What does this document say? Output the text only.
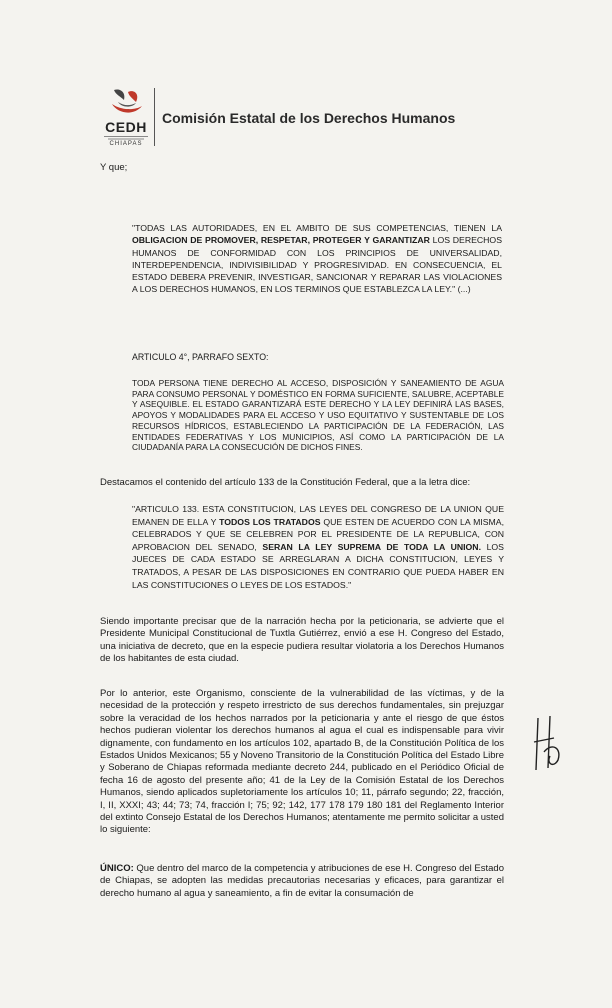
CEDH
CHIAPAS
Comisión Estatal de los Derechos Humanos
Y que;
"TODAS LAS AUTORIDADES, EN EL AMBITO DE SUS COMPETENCIAS, TIENEN LA OBLIGACION DE PROMOVER, RESPETAR, PROTEGER Y GARANTIZAR LOS DERECHOS HUMANOS DE CONFORMIDAD CON LOS PRINCIPIOS DE UNIVERSALIDAD, INTERDEPENDENCIA, INDIVISIBILIDAD Y PROGRESIVIDAD. EN CONSECUENCIA, EL ESTADO DEBERA PREVENIR, INVESTIGAR, SANCIONAR Y REPARAR LAS VIOLACIONES A LOS DERECHOS HUMANOS, EN LOS TERMINOS QUE ESTABLEZCA LA LEY." (...)
ARTICULO 4°, PARRAFO SEXTO:
TODA PERSONA TIENE DERECHO AL ACCESO, DISPOSICIÓN Y SANEAMIENTO DE AGUA PARA CONSUMO PERSONAL Y DOMÉSTICO EN FORMA SUFICIENTE, SALUBRE, ACEPTABLE Y ASEQUIBLE. EL ESTADO GARANTIZARÁ ESTE DERECHO Y LA LEY DEFINIRÁ LAS BASES, APOYOS Y MODALIDADES PARA EL ACCESO Y USO EQUITATIVO Y SUSTENTABLE DE LOS RECURSOS HÍDRICOS, ESTABLECIENDO LA PARTICIPACIÓN DE LA FEDERACIÓN, LAS ENTIDADES FEDERATIVAS Y LOS MUNICIPIOS, ASÍ COMO LA PARTICIPACIÓN DE LA CIUDADANÍA PARA LA CONSECUCIÓN DE DICHOS FINES.
Destacamos el contenido del artículo 133 de la Constitución Federal, que a la letra dice:
"ARTICULO 133. ESTA CONSTITUCION, LAS LEYES DEL CONGRESO DE LA UNION QUE EMANEN DE ELLA Y TODOS LOS TRATADOS QUE ESTEN DE ACUERDO CON LA MISMA, CELEBRADOS Y QUE SE CELEBREN POR EL PRESIDENTE DE LA REPUBLICA, CON APROBACION DEL SENADO, SERAN LA LEY SUPREMA DE TODA LA UNION. LOS JUECES DE CADA ESTADO SE ARREGLARAN A DICHA CONSTITUCION, LEYES Y TRATADOS, A PESAR DE LAS DISPOSICIONES EN CONTRARIO QUE PUEDA HABER EN LAS CONSTITUCIONES O LEYES DE LOS ESTADOS."
Siendo importante precisar que de la narración hecha por la peticionaria, se advierte que el Presidente Municipal Constitucional de Tuxtla Gutiérrez, envió a ese H. Congreso del Estado, una iniciativa de decreto, que en la especie pudiera resultar violatoria a los Derechos Humanos de los habitantes de esta ciudad.
Por lo anterior, este Organismo, consciente de la vulnerabilidad de las víctimas, y de la necesidad de la protección y respeto irrestricto de sus derechos fundamentales, sin prejuzgar sobre la veracidad de los hechos narrados por la peticionaria y ante el riesgo de que éstos hechos pudieran violentar los derechos humanos al agua el cual es indispensable para vivir dignamente, con fundamento en los artículos 102, apartado B, de la Constitución Política de los Estados Unidos Mexicanos; 55 y Noveno Transitorio de la Constitución Política del Estado Libre y Soberano de Chiapas reformada mediante decreto 244, publicado en el Periódico Oficial de fecha 16 de agosto del presente año; 41 de la Ley de la Comisión Estatal de los Derechos Humanos, siendo aplicados supletoriamente los artículos 10; 11, párrafo segundo; 22, fracción, I, II, XXXI; 43; 44; 73; 74, fracción I; 75; 92; 142, 177 178 179 180 181 del Reglamento Interior del extinto Consejo Estatal de los Derechos Humanos; atentamente me permito solicitar a usted lo siguiente:
ÚNICO: Que dentro del marco de la competencia y atribuciones de ese H. Congreso del Estado de Chiapas, se adopten las medidas precautorias necesarias y eficaces, para garantizar el derecho humano al agua y saneamiento, a fin de evitar la consumación de
